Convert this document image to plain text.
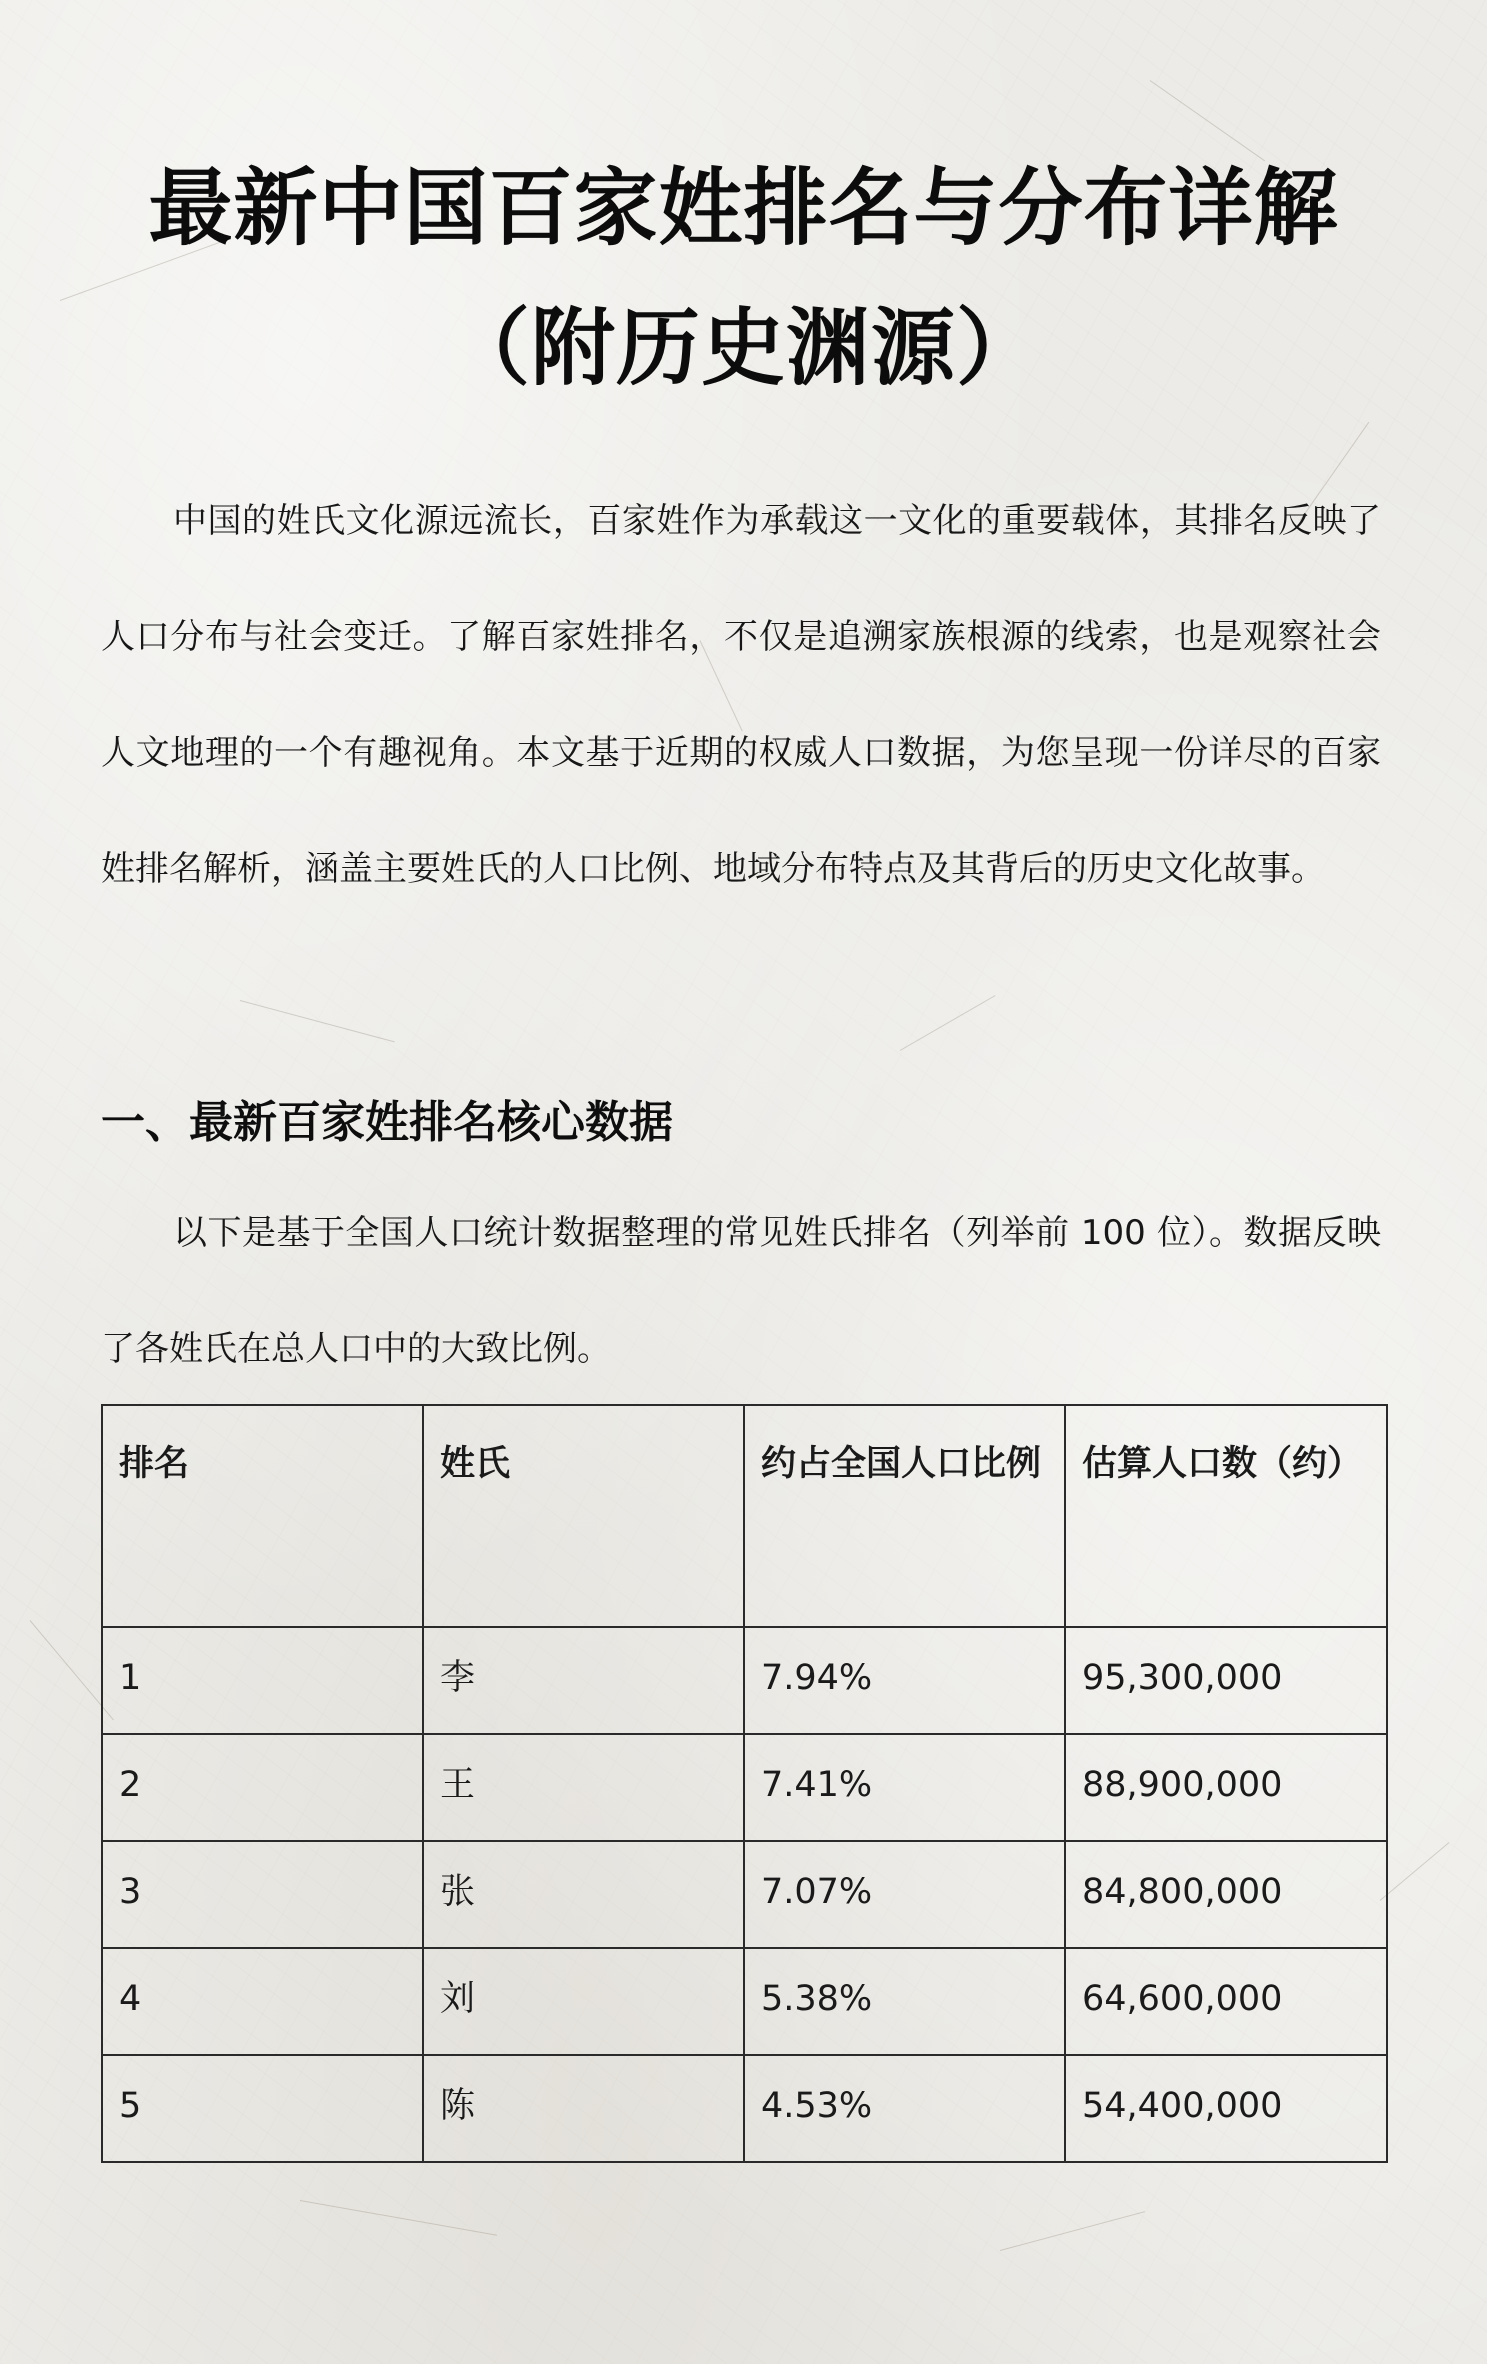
最新中国百家姓排名与分布详解（附历史渊源）

中国的姓氏文化源远流长，百家姓作为承载这一文化的重要载体，其排名反映了人口分布与社会变迁。了解百家姓排名，不仅是追溯家族根源的线索，也是观察社会人文地理的一个有趣视角。本文基于近期的权威人口数据，为您呈现一份详尽的百家姓排名解析，涵盖主要姓氏的人口比例、地域分布特点及其背后的历史文化故事。

一、最新百家姓排名核心数据

以下是基于全国人口统计数据整理的常见姓氏排名（列举前 100 位）。数据反映了各姓氏在总人口中的大致比例。

排名	姓氏	约占全国人口比例	估算人口数（约）
1	李	7.94%	95,300,000
2	王	7.41%	88,900,000
3	张	7.07%	84,800,000
4	刘	5.38%	64,600,000
5	陈	4.53%	54,400,000
